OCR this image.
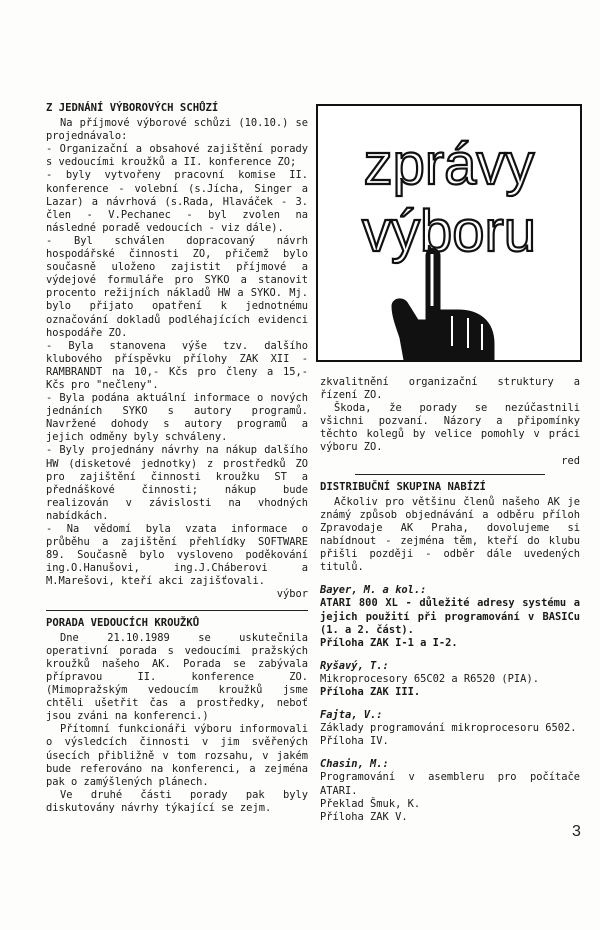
Z JEDNÁNÍ VÝBOROVÝCH SCHŮZÍ

Na příjmové výborové schůzi (10.10.) se projednávalo:

- Organizační a obsahové zajištění porady s vedoucími kroužků a II. konference ZO;

- byly vytvořeny pracovní komise II. konference - volební (s.Jícha, Singer a Lazar) a návrhová (s.Rada, Hlaváček - 3. člen - V.Pechanec - byl zvolen na následné poradě vedoucích - viz dále).

- Byl schválen dopracovaný návrh hospodářské činnosti ZO, přičemž bylo současně uloženo zajistit příjmové a výdejové formuláře pro SYKO a stanovit procento režijních nákladů HW a SYKO. Mj. bylo přijato opatření k jednotnému označování dokladů podléhajících evidenci hospodáře ZO.

- Byla stanovena výše tzv. dalšího klubového příspěvku přílohy ZAK XII - RAMBRANDT na 10,- Kčs pro členy a 15,- Kčs pro "nečleny".

- Byla podána aktuální informace o nových jednáních SYKO s autory programů. Navržené dohody s autory programů a jejich odměny byly schváleny.

- Byly projednány návrhy na nákup dalšího HW (disketové jednotky) z prostředků ZO pro zajištění činnosti kroužku ST a přednáškové činnosti; nákup bude realizován v závislosti na vhodných nabídkách.

- Na vědomí byla vzata informace o průběhu a zajištění přehlídky SOFTWARE 89. Současně bylo vysloveno poděkování ing.O.Hanušovi, ing.J.Cháberovi a M.Marešovi, kteří akci zajišťovali.

výbor

PORADA VEDOUCÍCH KROUŽKŮ

Dne 21.10.1989 se uskutečnila operativní porada s vedoucími pražských kroužků našeho AK. Porada se zabývala přípravou II. konference ZO. (Mimopražským vedoucím kroužků jsme chtěli ušetřit čas a prostředky, neboť jsou zváni na konferenci.)

Přítomní funkcionáři výboru informovali o výsledcích činnosti v jim svěřených úsecích přibližně v tom rozsahu, v jakém bude referováno na konferenci, a zejména pak o zamýšlených plánech.

Ve druhé části porady pak byly diskutovány návrhy týkající se zejm.

zprávy
výboru

zkvalitnění organizační struktury a řízení ZO.

Škoda, že porady se nezúčastnili všichni pozvaní. Názory a připomínky těchto kolegů by velice pomohly v práci výboru ZO.

red

DISTRIBUČNÍ SKUPINA NABÍZÍ

Ačkoliv pro většinu členů našeho AK je známý způsob objednávání a odběru příloh Zpravodaje AK Praha, dovolujeme si nabídnout - zejména těm, kteří do klubu přišli později - odběr dále uvedených titulů.

Bayer, M. a kol.:

ATARI 800 XL - důležité adresy systému a jejich použití při programování v BASICu (1. a 2. část).

Příloha ZAK I-1 a I-2.

Ryšavý, T.:

Mikroprocesory 65C02 a R6520 (PIA).

Příloha ZAK III.

Fajta, V.:

Základy programování mikroprocesoru 6502.

Příloha IV.

Chasin, M.:

Programování v asembleru pro počítače ATARI.

Překlad Šmuk, K.

Příloha ZAK V.

3
